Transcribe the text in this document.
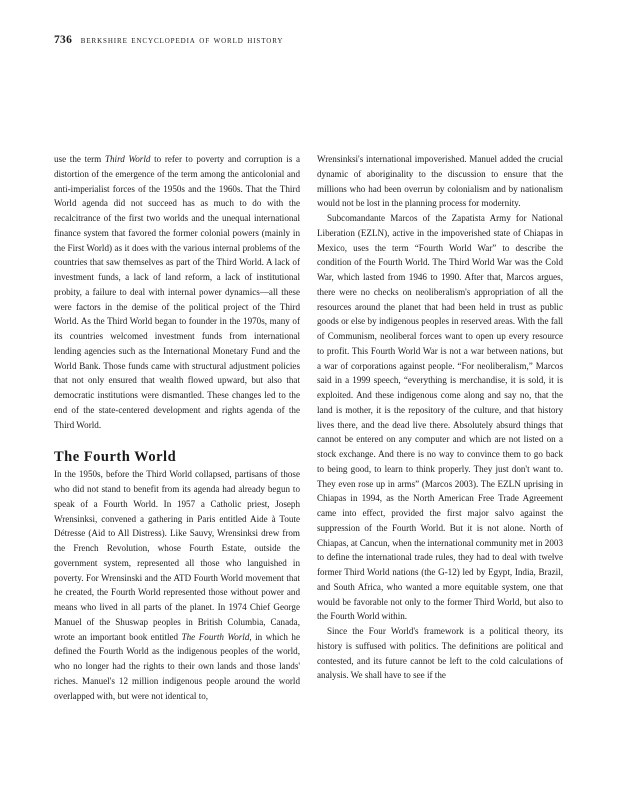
736 berkshire encyclopedia of world history

use the term Third World to refer to poverty and corruption is a distortion of the emergence of the term among the anticolonial and anti-imperialist forces of the 1950s and the 1960s. That the Third World agenda did not succeed has as much to do with the recalcitrance of the first two worlds and the unequal international finance system that favored the former colonial powers (mainly in the First World) as it does with the various internal problems of the countries that saw themselves as part of the Third World. A lack of investment funds, a lack of land reform, a lack of institutional probity, a failure to deal with internal power dynamics—all these were factors in the demise of the political project of the Third World. As the Third World began to founder in the 1970s, many of its countries welcomed investment funds from international lending agencies such as the International Monetary Fund and the World Bank. Those funds came with structural adjustment policies that not only ensured that wealth flowed upward, but also that democratic institutions were dismantled. These changes led to the end of the state-centered development and rights agenda of the Third World.

The Fourth World

In the 1950s, before the Third World collapsed, partisans of those who did not stand to benefit from its agenda had already begun to speak of a Fourth World. In 1957 a Catholic priest, Joseph Wrensinksi, convened a gathering in Paris entitled Aide à Toute Détresse (Aid to All Distress). Like Sauvy, Wrensinksi drew from the French Revolution, whose Fourth Estate, outside the government system, represented all those who languished in poverty. For Wrensinski and the ATD Fourth World movement that he created, the Fourth World represented those without power and means who lived in all parts of the planet. In 1974 Chief George Manuel of the Shuswap peoples in British Columbia, Canada, wrote an important book entitled The Fourth World, in which he defined the Fourth World as the indigenous peoples of the world, who no longer had the rights to their own lands and those lands' riches. Manuel's 12 million indigenous people around the world overlapped with, but were not identical to,

Wrensinksi's international impoverished. Manuel added the crucial dynamic of aboriginality to the discussion to ensure that the millions who had been overrun by colonialism and by nationalism would not be lost in the planning process for modernity.

Subcomandante Marcos of the Zapatista Army for National Liberation (EZLN), active in the impoverished state of Chiapas in Mexico, uses the term “Fourth World War” to describe the condition of the Fourth World. The Third World War was the Cold War, which lasted from 1946 to 1990. After that, Marcos argues, there were no checks on neoliberalism's appropriation of all the resources around the planet that had been held in trust as public goods or else by indigenous peoples in reserved areas. With the fall of Communism, neoliberal forces want to open up every resource to profit. This Fourth World War is not a war between nations, but a war of corporations against people. “For neoliberalism,” Marcos said in a 1999 speech, “everything is merchandise, it is sold, it is exploited. And these indigenous come along and say no, that the land is mother, it is the repository of the culture, and that history lives there, and the dead live there. Absolutely absurd things that cannot be entered on any computer and which are not listed on a stock exchange. And there is no way to convince them to go back to being good, to learn to think properly. They just don't want to. They even rose up in arms” (Marcos 2003). The EZLN uprising in Chiapas in 1994, as the North American Free Trade Agreement came into effect, provided the first major salvo against the suppression of the Fourth World. But it is not alone. North of Chiapas, at Cancun, when the international community met in 2003 to define the international trade rules, they had to deal with twelve former Third World nations (the G-12) led by Egypt, India, Brazil, and South Africa, who wanted a more equitable system, one that would be favorable not only to the former Third World, but also to the Fourth World within.

Since the Four World's framework is a political theory, its history is suffused with politics. The definitions are political and contested, and its future cannot be left to the cold calculations of analysis. We shall have to see if the
